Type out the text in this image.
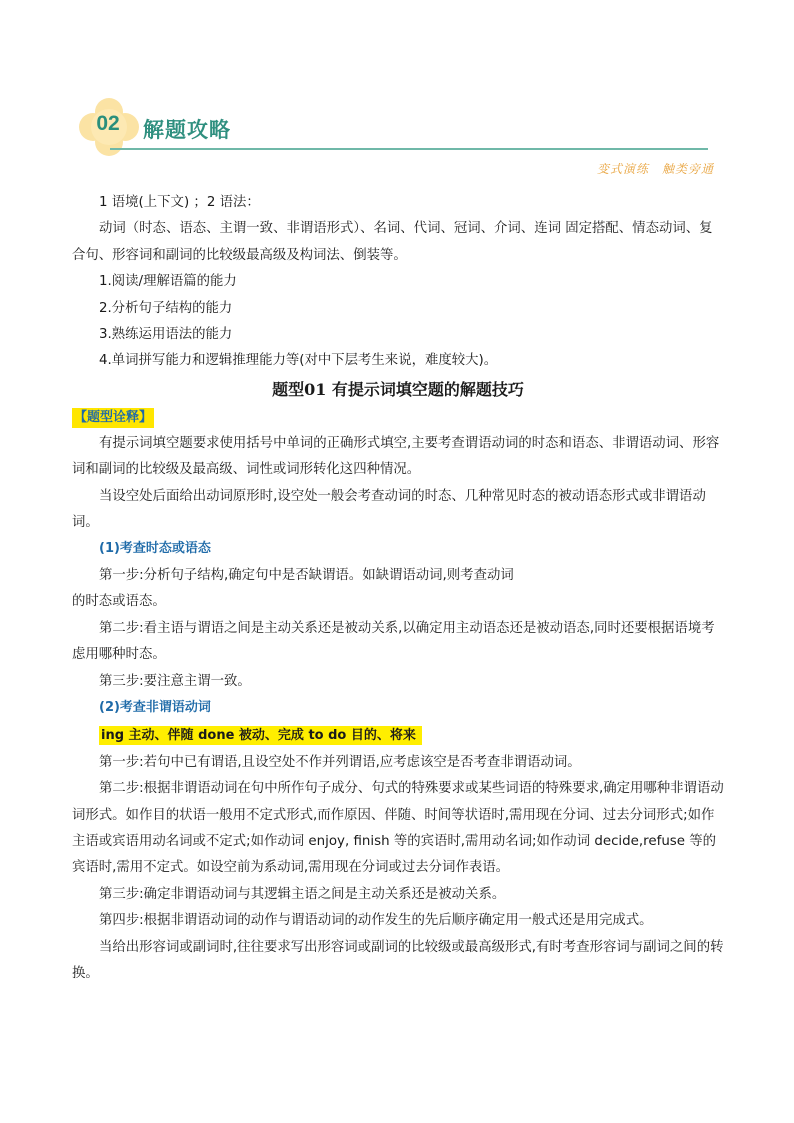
02	解题攻略
变式演练　触类旁通

1 语境(上下文) ；2 语法：

动词（时态、语态、主谓一致、非谓语形式）、名词、代词、冠词、介词、连词 固定搭配、情态动词、复合句、形容词和副词的比较级最高级及构词法、倒装等。

1.阅读/理解语篇的能力

2.分析句子结构的能力

3.熟练运用语法的能力

4.单词拼写能力和逻辑推理能力等(对中下层考生来说，难度较大)。

题型01 有提示词填空题的解题技巧

【题型诠释】

有提示词填空题要求使用括号中单词的正确形式填空,主要考查谓语动词的时态和语态、非谓语动词、形容词和副词的比较级及最高级、词性或词形转化这四种情况。

当设空处后面给出动词原形时,设空处一般会考查动词的时态、几种常见时态的被动语态形式或非谓语动词。

(1)考查时态或语态

第一步:分析句子结构,确定句中是否缺谓语。如缺谓语动词,则考查动词

的时态或语态。

第二步:看主语与谓语之间是主动关系还是被动关系,以确定用主动语态还是被动语态,同时还要根据语境考虑用哪种时态。

第三步:要注意主谓一致。

(2)考查非谓语动词

ing 主动、伴随 done 被动、完成 to do 目的、将来

第一步:若句中已有谓语,且设空处不作并列谓语,应考虑该空是否考查非谓语动词。

第二步:根据非谓语动词在句中所作句子成分、句式的特殊要求或某些词语的特殊要求,确定用哪种非谓语动词形式。如作目的状语一般用不定式形式,而作原因、伴随、时间等状语时,需用现在分词、过去分词形式;如作主语或宾语用动名词或不定式;如作动词 enjoy, finish 等的宾语时,需用动名词;如作动词 decide,refuse 等的宾语时,需用不定式。如设空前为系动词,需用现在分词或过去分词作表语。

第三步:确定非谓语动词与其逻辑主语之间是主动关系还是被动关系。

第四步:根据非谓语动词的动作与谓语动词的动作发生的先后顺序确定用一般式还是用完成式。

当给出形容词或副词时,往往要求写出形容词或副词的比较级或最高级形式,有时考查形容词与副词之间的转换。
